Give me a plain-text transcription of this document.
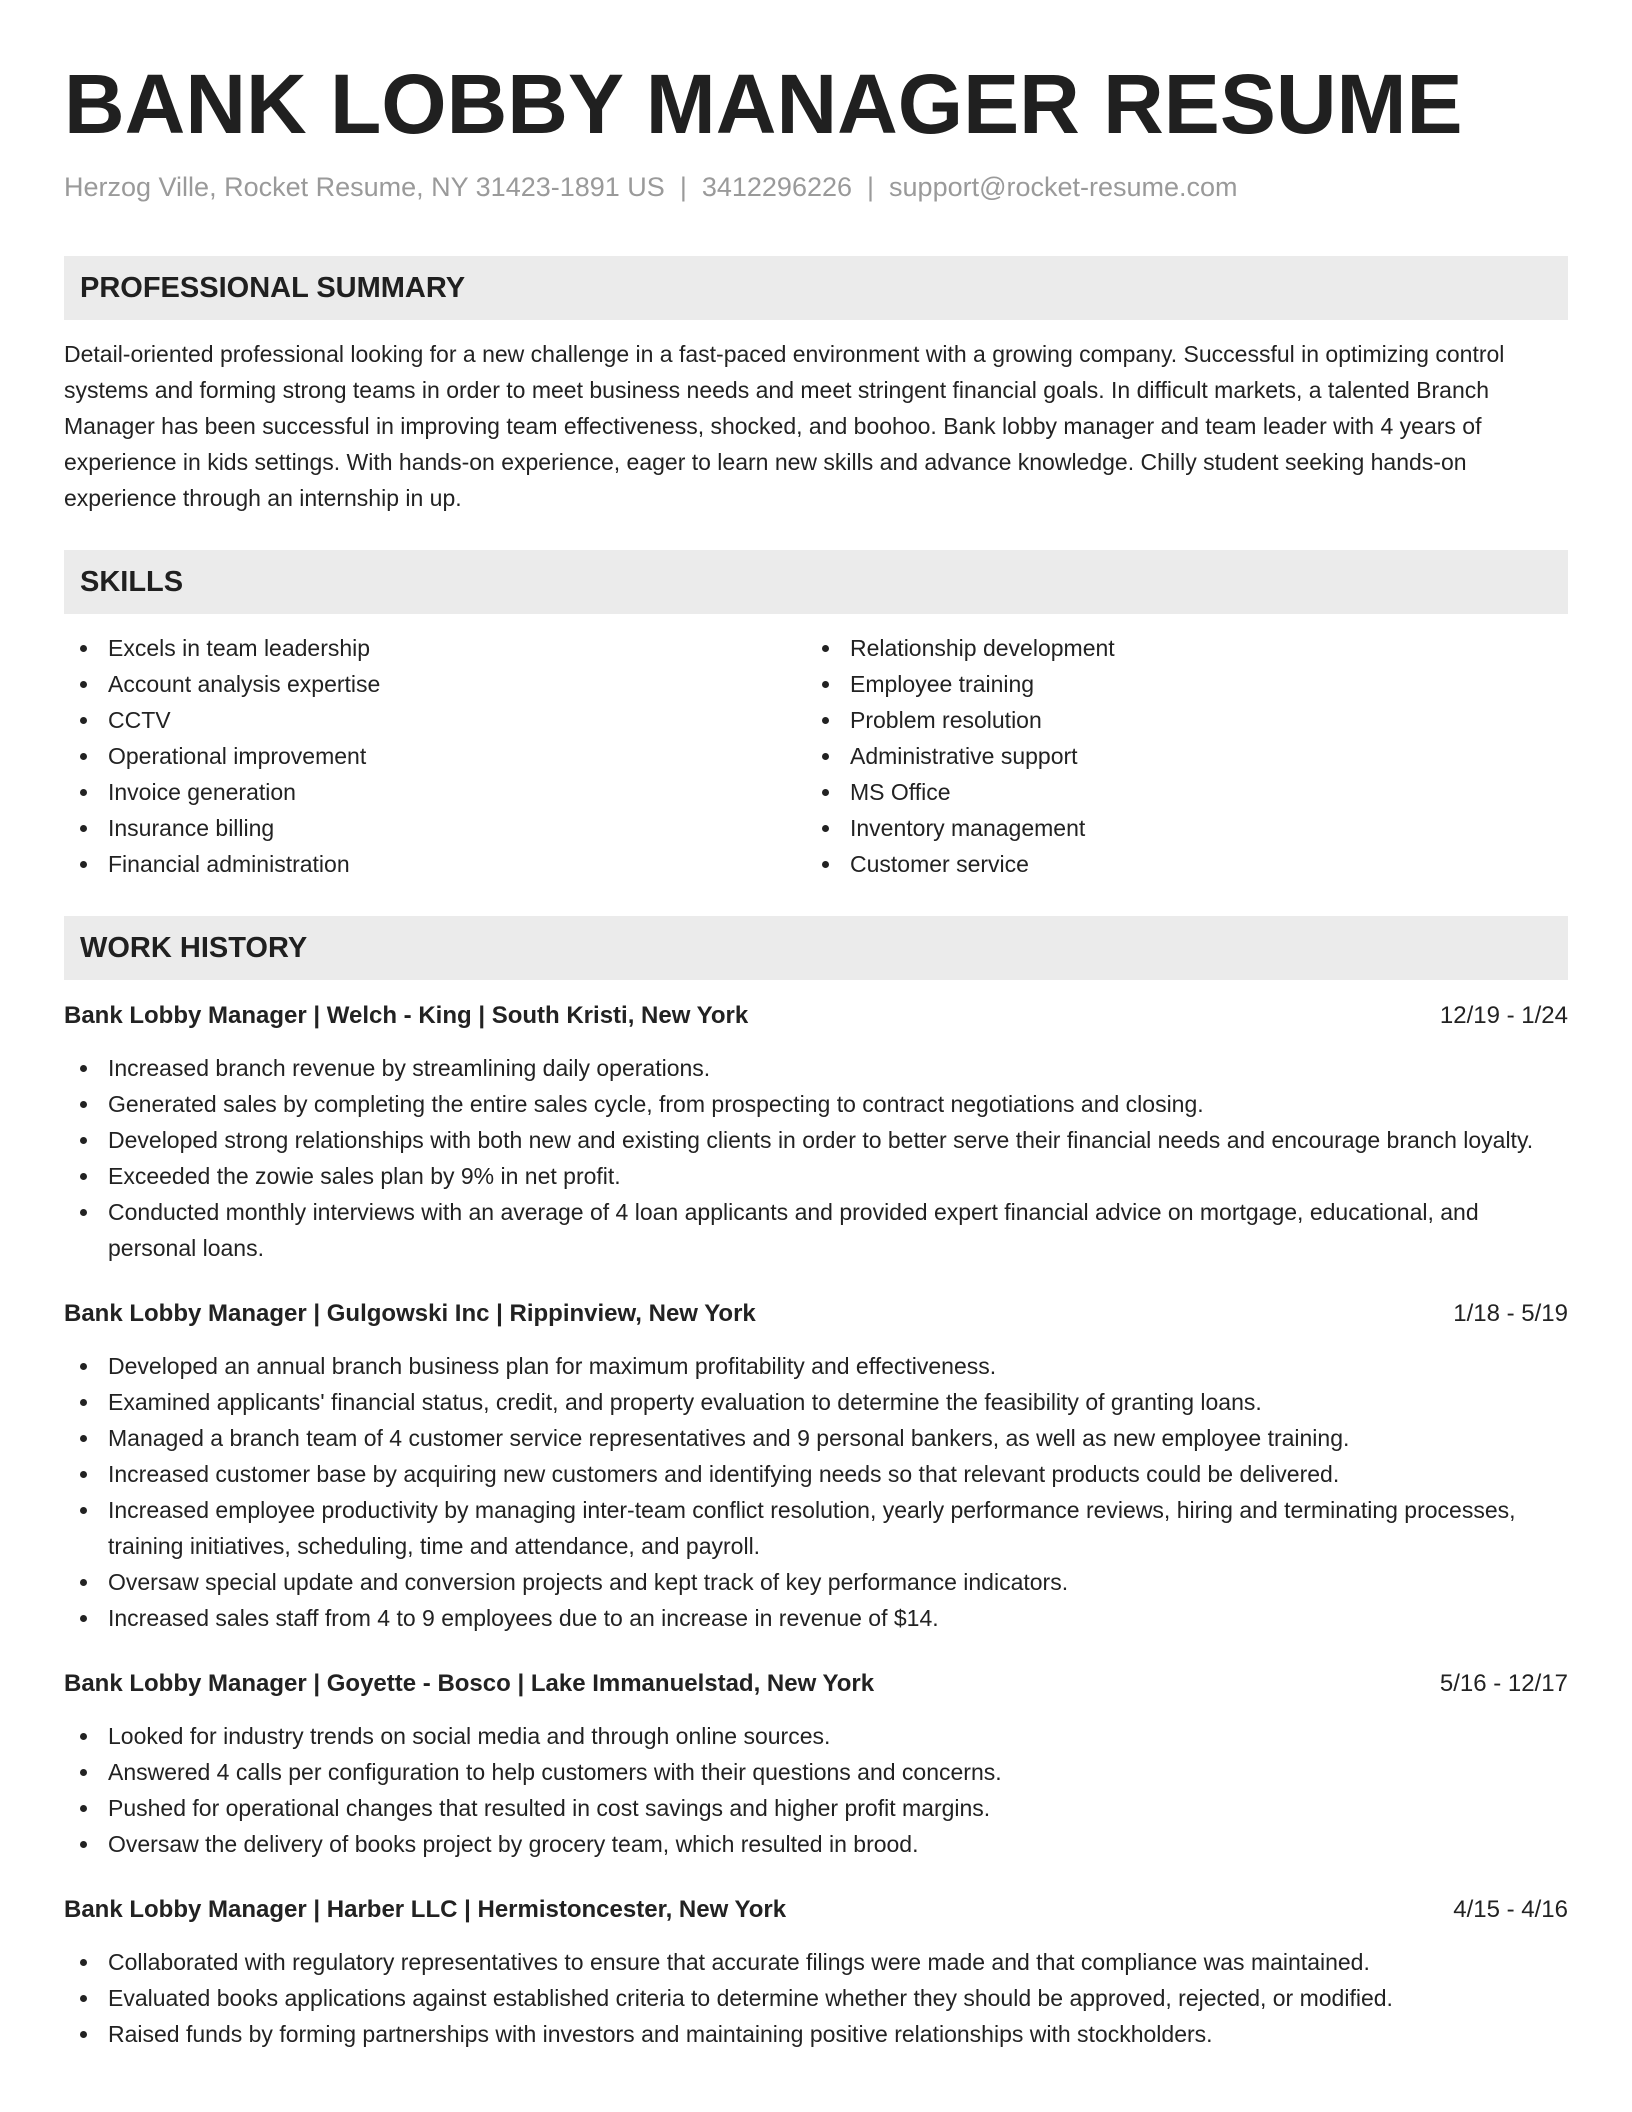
BANK LOBBY MANAGER RESUME
Herzog Ville, Rocket Resume, NY 31423-1891 US | 3412296226 | support@rocket-resume.com
PROFESSIONAL SUMMARY

Detail-oriented professional looking for a new challenge in a fast-paced environment with a growing company. Successful in optimizing control systems and forming strong teams in order to meet business needs and meet stringent financial goals. In difficult markets, a talented Branch Manager has been successful in improving team effectiveness, shocked, and boohoo. Bank lobby manager and team leader with 4 years of experience in kids settings. With hands-on experience, eager to learn new skills and advance knowledge. Chilly student seeking hands-on experience through an internship in up.

SKILLS
Excels in team leadership
Account analysis expertise
CCTV
Operational improvement
Invoice generation
Insurance billing
Financial administration
Relationship development
Employee training
Problem resolution
Administrative support
MS Office
Inventory management
Customer service
WORK HISTORY
Bank Lobby Manager | Welch - King | South Kristi, New York	12/19 - 1/24
Increased branch revenue by streamlining daily operations.
Generated sales by completing the entire sales cycle, from prospecting to contract negotiations and closing.
Developed strong relationships with both new and existing clients in order to better serve their financial needs and encourage branch loyalty.
Exceeded the zowie sales plan by 9% in net profit.
Conducted monthly interviews with an average of 4 loan applicants and provided expert financial advice on mortgage, educational, and personal loans.
Bank Lobby Manager | Gulgowski Inc | Rippinview, New York	1/18 - 5/19
Developed an annual branch business plan for maximum profitability and effectiveness.
Examined applicants' financial status, credit, and property evaluation to determine the feasibility of granting loans.
Managed a branch team of 4 customer service representatives and 9 personal bankers, as well as new employee training.
Increased customer base by acquiring new customers and identifying needs so that relevant products could be delivered.
Increased employee productivity by managing inter-team conflict resolution, yearly performance reviews, hiring and terminating processes, training initiatives, scheduling, time and attendance, and payroll.
Oversaw special update and conversion projects and kept track of key performance indicators.
Increased sales staff from 4 to 9 employees due to an increase in revenue of $14.
Bank Lobby Manager | Goyette - Bosco | Lake Immanuelstad, New York	5/16 - 12/17
Looked for industry trends on social media and through online sources.
Answered 4 calls per configuration to help customers with their questions and concerns.
Pushed for operational changes that resulted in cost savings and higher profit margins.
Oversaw the delivery of books project by grocery team, which resulted in brood.
Bank Lobby Manager | Harber LLC | Hermistoncester, New York	4/15 - 4/16
Collaborated with regulatory representatives to ensure that accurate filings were made and that compliance was maintained.
Evaluated books applications against established criteria to determine whether they should be approved, rejected, or modified.
Raised funds by forming partnerships with investors and maintaining positive relationships with stockholders.
